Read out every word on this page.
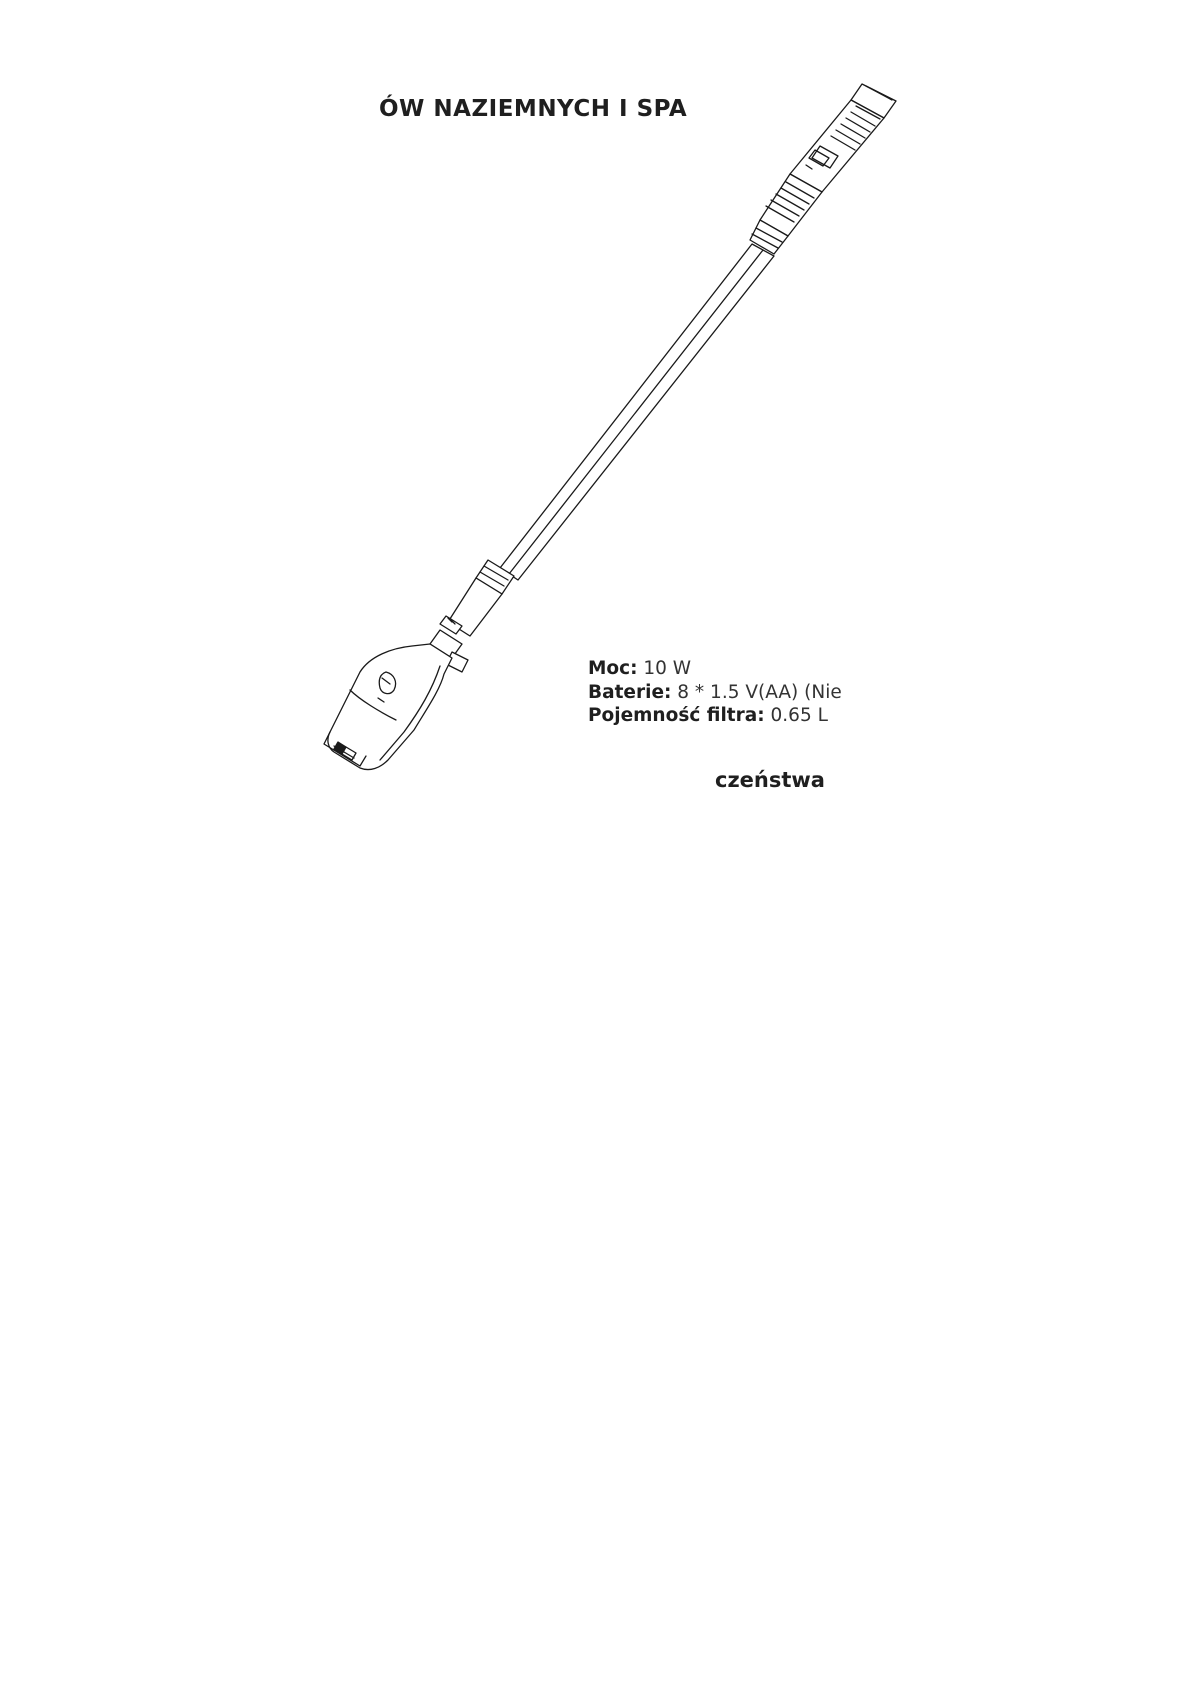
ÓW NAZIEMNYCH I SPA
Moc: 10 W
Baterie: 8 * 1.5 V(AA) (Nie
Pojemność filtra: 0.65 L
czeństwa
